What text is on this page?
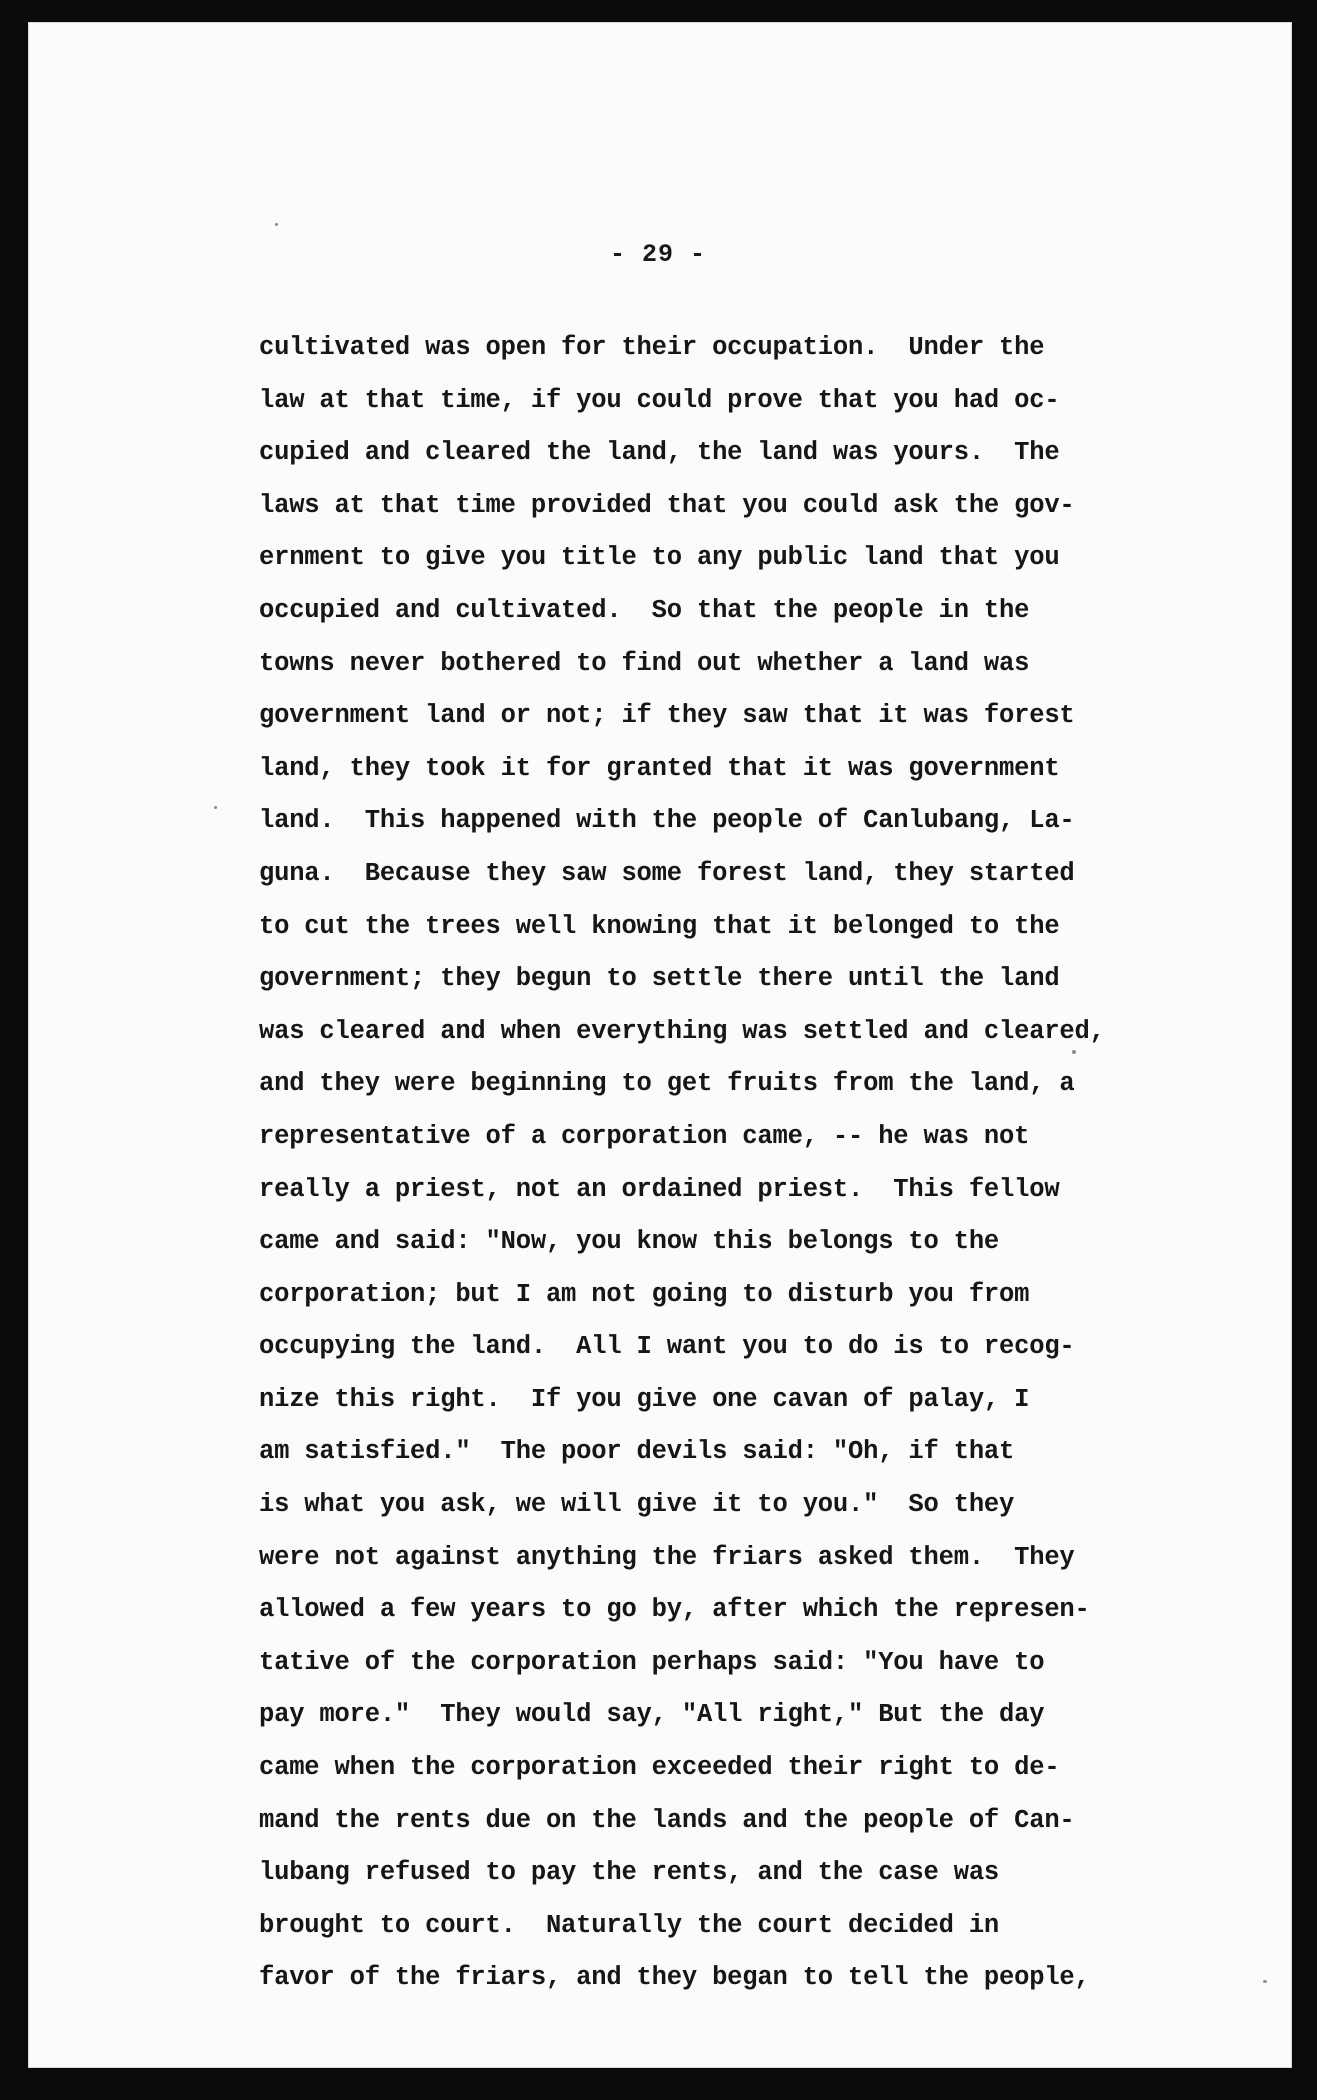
- 29 -
cultivated was open for their occupation.  Under the
law at that time, if you could prove that you had oc-
cupied and cleared the land, the land was yours.  The
laws at that time provided that you could ask the gov-
ernment to give you title to any public land that you
occupied and cultivated.  So that the people in the
towns never bothered to find out whether a land was
government land or not; if they saw that it was forest
land, they took it for granted that it was government
land.  This happened with the people of Canlubang, La-
guna.  Because they saw some forest land, they started
to cut the trees well knowing that it belonged to the
government; they begun to settle there until the land
was cleared and when everything was settled and cleared,
and they were beginning to get fruits from the land, a
representative of a corporation came, -- he was not
really a priest, not an ordained priest.  This fellow
came and said: "Now, you know this belongs to the
corporation; but I am not going to disturb you from
occupying the land.  All I want you to do is to recog-
nize this right.  If you give one cavan of palay, I
am satisfied."  The poor devils said: "Oh, if that
is what you ask, we will give it to you."  So they
were not against anything the friars asked them.  They
allowed a few years to go by, after which the represen-
tative of the corporation perhaps said: "You have to
pay more."  They would say, "All right," But the day
came when the corporation exceeded their right to de-
mand the rents due on the lands and the people of Can-
lubang refused to pay the rents, and the case was
brought to court.  Naturally the court decided in
favor of the friars, and they began to tell the people,
